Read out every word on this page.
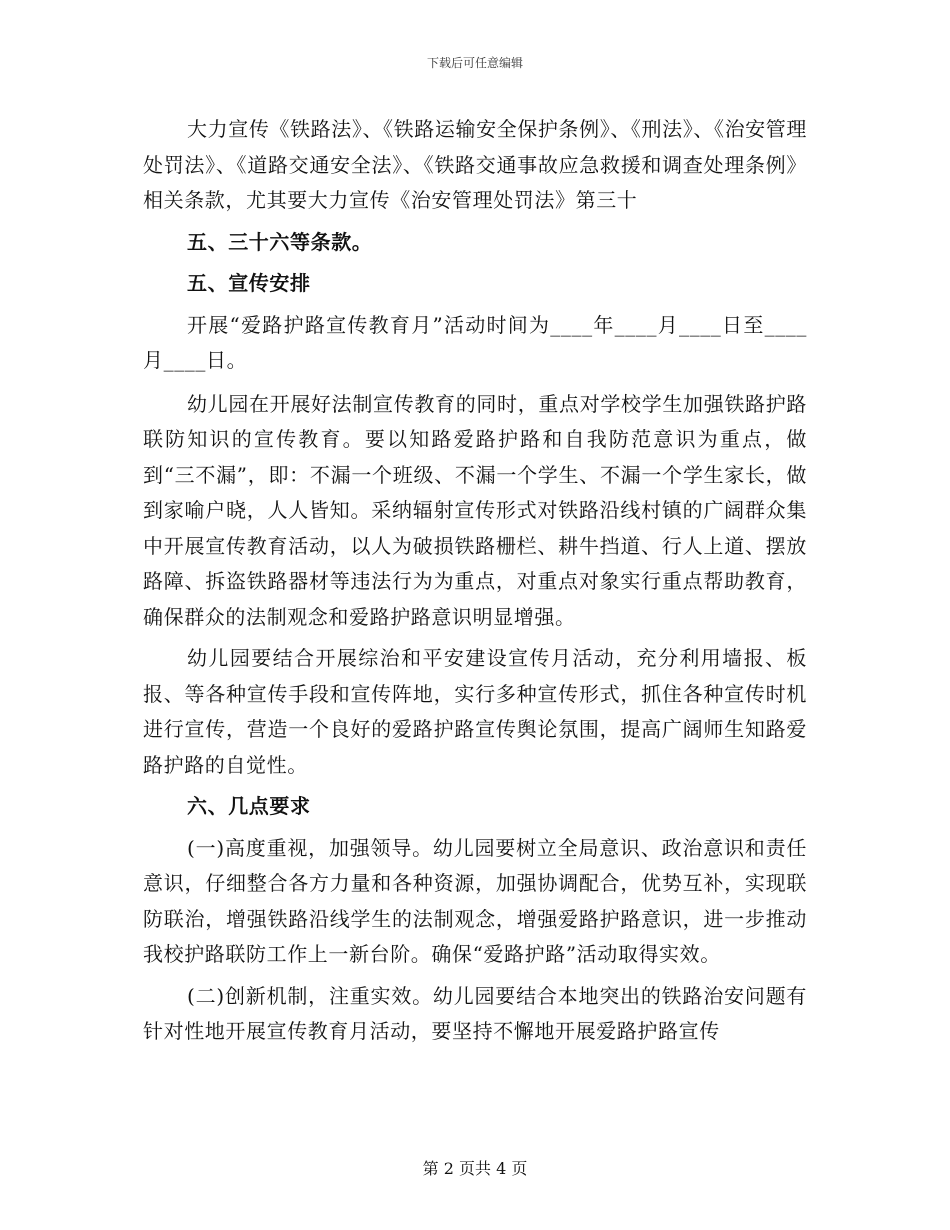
下载后可任意编辑

大力宣传《铁路法》、《铁路运输安全保护条例》、《刑法》、《治安管理处罚法》、《道路交通安全法》、《铁路交通事故应急救援和调查处理条例》相关条款，尤其要大力宣传《治安管理处罚法》第三十

五、三十六等条款。

五、宣传安排

开展“爱路护路宣传教育月”活动时间为____年____月____日至____月____日。

幼儿园在开展好法制宣传教育的同时，重点对学校学生加强铁路护路联防知识的宣传教育。要以知路爱路护路和自我防范意识为重点，做到“三不漏”，即：不漏一个班级、不漏一个学生、不漏一个学生家长，做到家喻户晓，人人皆知。采纳辐射宣传形式对铁路沿线村镇的广阔群众集中开展宣传教育活动，以人为破损铁路栅栏、耕牛挡道、行人上道、摆放路障、拆盗铁路器材等违法行为为重点，对重点对象实行重点帮助教育，确保群众的法制观念和爱路护路意识明显增强。

幼儿园要结合开展综治和平安建设宣传月活动，充分利用墙报、板报、等各种宣传手段和宣传阵地，实行多种宣传形式，抓住各种宣传时机进行宣传，营造一个良好的爱路护路宣传舆论氛围，提高广阔师生知路爱路护路的自觉性。

六、几点要求

(一)高度重视，加强领导。幼儿园要树立全局意识、政治意识和责任意识，仔细整合各方力量和各种资源，加强协调配合，优势互补，实现联防联治，增强铁路沿线学生的法制观念，增强爱路护路意识，进一步推动我校护路联防工作上一新台阶。确保“爱路护路”活动取得实效。

(二)创新机制，注重实效。幼儿园要结合本地突出的铁路治安问题有针对性地开展宣传教育月活动，要坚持不懈地开展爱路护路宣传

第 2 页共 4 页
